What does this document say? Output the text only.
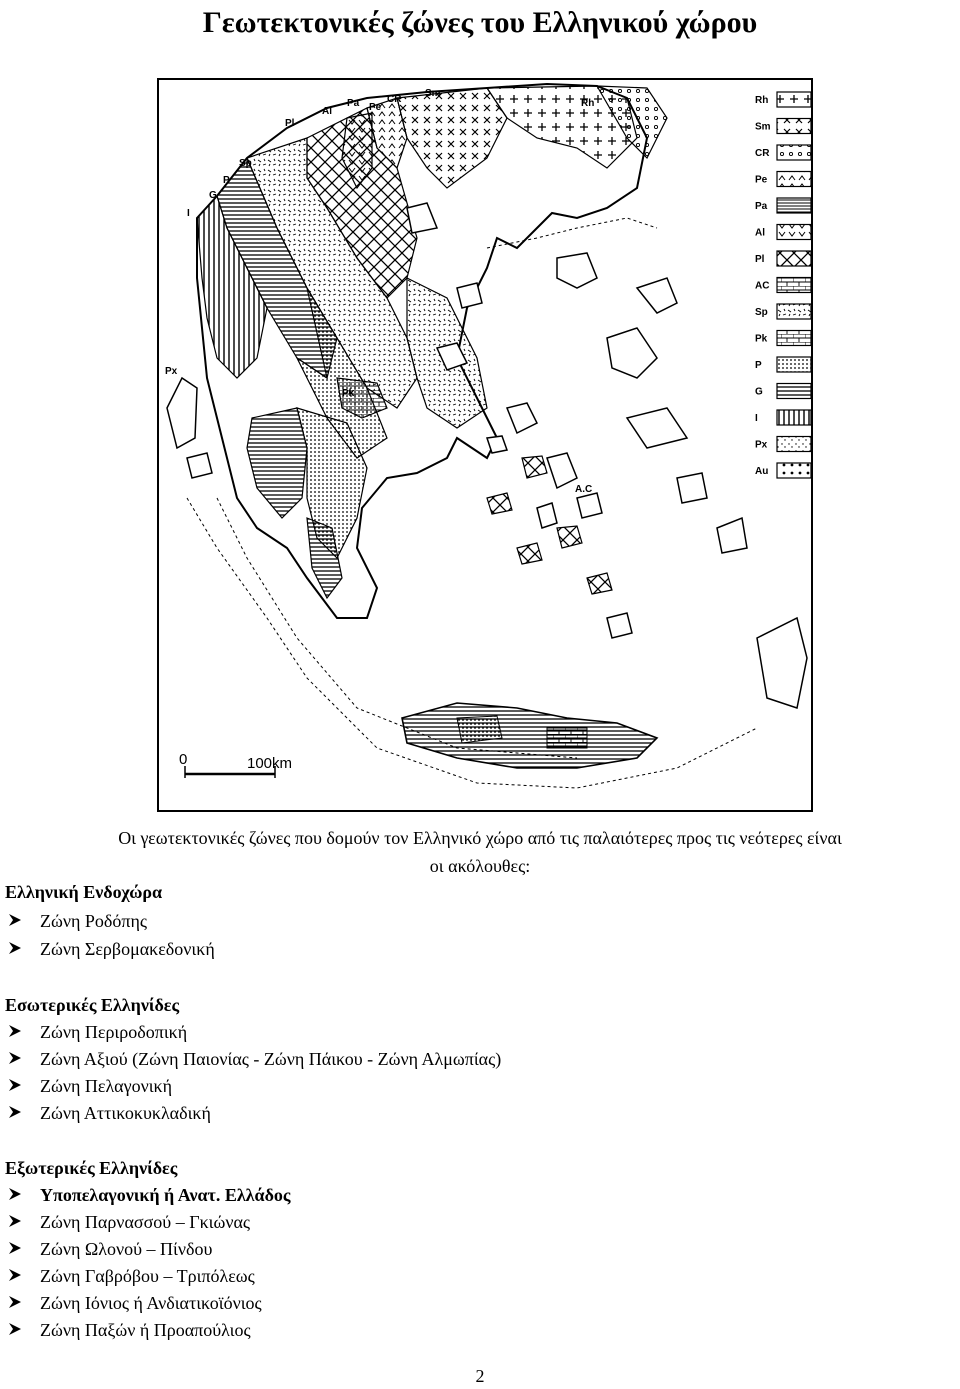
Γεωτεκτονικές ζώνες του Ελληνικού χώρου
Sm
Rh
CR
Pe
Pa
Al
Pl
Sp
P
G
I
Px
Pk
A.C
0	100km
Rh
Sm
CR
Pe
Pa
Al
Pl
AC
Sp
Pk
P
G
I
Px
Au
Οι γεωτεκτονικές ζώνες που δομούν τον Ελληνικό χώρο από τις παλαιότερες προς τις νεότερες είναι
οι ακόλουθες:
Ελληνική Ενδοχώρα
Ζώνη Ροδόπης
Ζώνη Σερβομακεδονική
Εσωτερικές Ελληνίδες
Ζώνη Περιροδοπική
Ζώνη Αξιού (Ζώνη Παιονίας - Ζώνη Πάικου - Ζώνη Αλμωπίας)
Ζώνη Πελαγονική
Ζώνη Αττικοκυκλαδική
Εξωτερικές Ελληνίδες
Υποπελαγονική ή Ανατ. Ελλάδος
Ζώνη Παρνασσού – Γκιώνας
Ζώνη Ωλονού – Πίνδου
Ζώνη Γαβρόβου – Τριπόλεως
Ζώνη Ιόνιος ή Ανδιατικοϊόνιος
Ζώνη Παξών ή Προαπούλιος
2
